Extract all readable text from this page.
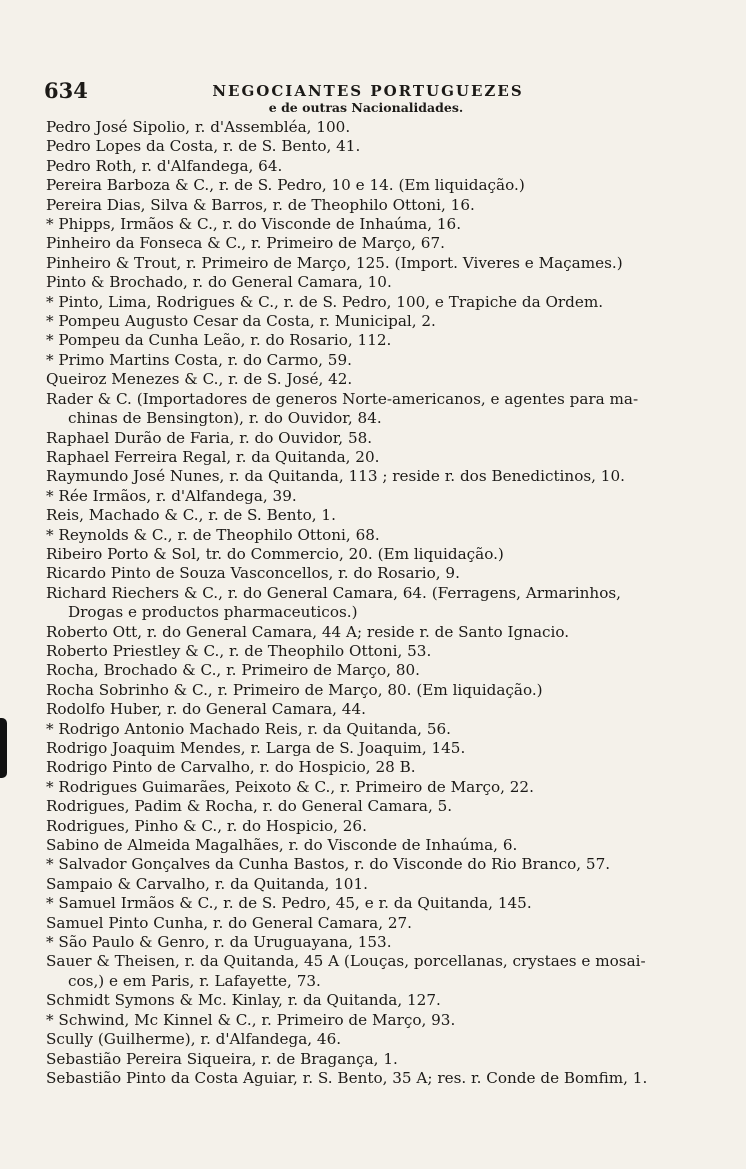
634	NEGOCIANTES PORTUGUEZES
e de outras Nacionalidades.
Pedro José Sipolio, r. d'Assembléa, 100.
Pedro Lopes da Costa, r. de S. Bento, 41.
Pedro Roth, r. d'Alfandega, 64.
Pereira Barboza & C., r. de S. Pedro, 10 e 14. (Em liquidação.)
Pereira Dias, Silva & Barros, r. de Theophilo Ottoni, 16.
* Phipps, Irmãos & C., r. do Visconde de Inhaúma, 16.
Pinheiro da Fonseca & C., r. Primeiro de Março, 67.
Pinheiro & Trout, r. Primeiro de Março, 125. (Import. Viveres e Maçames.)
Pinto & Brochado, r. do General Camara, 10.
* Pinto, Lima, Rodrigues & C., r. de S. Pedro, 100, e Trapiche da Ordem.
* Pompeu Augusto Cesar da Costa, r. Municipal, 2.
* Pompeu da Cunha Leão, r. do Rosario, 112.
* Primo Martins Costa, r. do Carmo, 59.
Queiroz Menezes & C., r. de S. José, 42.
Rader & C. (Importadores de generos Norte-americanos, e agentes para ma-
chinas de Bensington), r. do Ouvidor, 84.
Raphael Durão de Faria, r. do Ouvidor, 58.
Raphael Ferreira Regal, r. da Quitanda, 20.
Raymundo José Nunes, r. da Quitanda, 113 ; reside r. dos Benedictinos, 10.
* Rée Irmãos, r. d'Alfandega, 39.
Reis, Machado & C., r. de S. Bento, 1.
* Reynolds & C., r. de Theophilo Ottoni, 68.
Ribeiro Porto & Sol, tr. do Commercio, 20. (Em liquidação.)
Ricardo Pinto de Souza Vasconcellos, r. do Rosario, 9.
Richard Riechers & C., r. do General Camara, 64. (Ferragens, Armarinhos,
Drogas e productos pharmaceuticos.)
Roberto Ott, r. do General Camara, 44 A; reside r. de Santo Ignacio.
Roberto Priestley & C., r. de Theophilo Ottoni, 53.
Rocha, Brochado & C., r. Primeiro de Março, 80.
Rocha Sobrinho & C., r. Primeiro de Março, 80. (Em liquidação.)
Rodolfo Huber, r. do General Camara, 44.
* Rodrigo Antonio Machado Reis, r. da Quitanda, 56.
Rodrigo Joaquim Mendes, r. Larga de S. Joaquim, 145.
Rodrigo Pinto de Carvalho, r. do Hospicio, 28 B.
* Rodrigues Guimarães, Peixoto & C., r. Primeiro de Março, 22.
Rodrigues, Padim & Rocha, r. do General Camara, 5.
Rodrigues, Pinho & C., r. do Hospicio, 26.
Sabino de Almeida Magalhães, r. do Visconde de Inhaúma, 6.
* Salvador Gonçalves da Cunha Bastos, r. do Visconde do Rio Branco, 57.
Sampaio & Carvalho, r. da Quitanda, 101.
* Samuel Irmãos & C., r. de S. Pedro, 45, e r. da Quitanda, 145.
Samuel Pinto Cunha, r. do General Camara, 27.
* São Paulo & Genro, r. da Uruguayana, 153.
Sauer & Theisen, r. da Quitanda, 45 A (Louças, porcellanas, crystaes e mosai-
cos,) e em Paris, r. Lafayette, 73.
Schmidt Symons & Mc. Kinlay, r. da Quitanda, 127.
* Schwind, Mc Kinnel & C., r. Primeiro de Março, 93.
Scully (Guilherme), r. d'Alfandega, 46.
Sebastião Pereira Siqueira, r. de Bragança, 1.
Sebastião Pinto da Costa Aguiar, r. S. Bento, 35 A; res. r. Conde de Bomfim, 1.
